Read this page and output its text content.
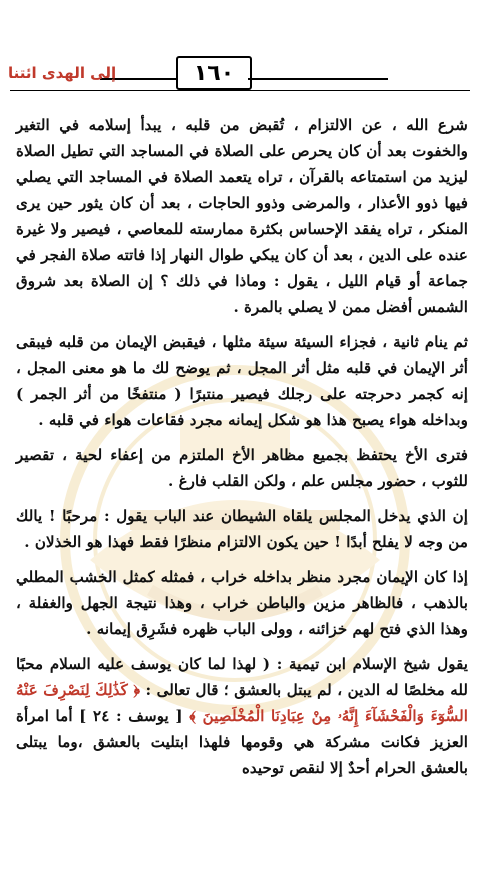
١٦٠
إلى الهدى ائتنا

شرع الله ، عن الالتزام ، تُقبض من قلبه ، يبدأ إسلامه في التغير والخفوت بعد أن كان يحرص على الصلاة في المساجد التي تطيل الصلاة ليزيد من استمتاعه بالقرآن ، تراه يتعمد الصلاة في المساجد التي يصلي فيها ذوو الأعذار ، والمرضى وذوو الحاجات ، بعد أن كان يثور حين يرى المنكر ، تراه يفقد الإحساس بكثرة ممارسته للمعاصي ، فيصير ولا غيرة عنده على الدين ، بعد أن كان يبكي طوال النهار إذا فاتته صلاة الفجر في جماعة أو قيام الليل ، يقول : وماذا في ذلك ؟ إن الصلاة بعد شروق الشمس أفضل ممن لا يصلي بالمرة .

ثم ينام ثانية ، فجزاء السيئة سيئة مثلها ، فيقبض الإيمان من قلبه فيبقى أثر الإيمان في قلبه مثل أثر المجل ، ثم يوضح لك ما هو معنى المجل ، إنه كجمر دحرجته على رجلك فيصير منتبرًا ( منتفخًا من أثر الجمر ) وبداخله هواء يصبح هذا هو شكل إيمانه مجرد فقاعات هواء في قلبه .

فترى الأخ يحتفظ بجميع مظاهر الأخ الملتزم من إعفاء لحية ، تقصير للثوب ، حضور مجلس علم ، ولكن القلب فارغ .

إن الذي يدخل المجلس يلقاه الشيطان عند الباب يقول : مرحبًا ! يالك من وجه لا يفلح أبدًا ! حين يكون الالتزام منظرًا فقط فهذا هو الخذلان .

إذا كان الإيمان مجرد منظر بداخله خراب ، فمثله كمثل الخشب المطلي بالذهب ، فالظاهر مزين والباطن خراب ، وهذا نتيجة الجهل والغفلة ، وهذا الذي فتح لهم خزائنه ، وولى الباب ظهره فشَرِق إيمانه .

يقول شيخ الإسلام ابن تيمية : ( لهذا لما كان يوسف عليه السلام محبًا لله مخلصًا له الدين ، لم يبتل بالعشق ؛ قال تعالى : ﴿ كَذَٰلِكَ لِنَصْرِفَ عَنْهُ السُّوٓءَ وَالْفَحْشَآءَ إِنَّهُۥ مِنْ عِبَادِنَا الْمُخْلَصِينَ ﴾ [ يوسف : ٢٤ ] أما امرأة العزيز فكانت مشركة هي وقومها فلهذا ابتليت بالعشق ،وما يبتلى بالعشق الحرام أحدٌ إلا لنقص توحيده
